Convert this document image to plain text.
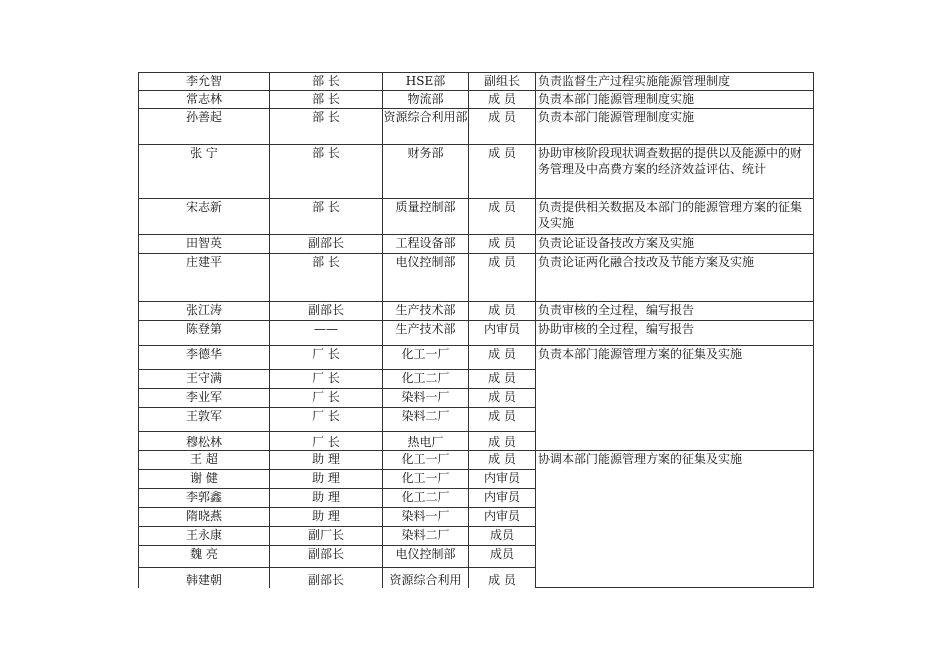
李允智	部 长	HSE部	副组长	负责监督生产过程实施能源管理制度
常志林	部 长	物流部	成 员	负责本部门能源管理制度实施
孙善起	部 长	资源综合利用部	成 员	负责本部门能源管理制度实施
张 宁	部 长	财务部	成 员	协助审核阶段现状调查数据的提供以及能源中的财务管理及中高费方案的经济效益评估、统计
宋志新	部 长	质量控制部	成 员	负责提供相关数据及本部门的能源管理方案的征集及实施
田智英	副部长	工程设备部	成 员	负责论证设备技改方案及实施
庄建平	部 长	电仪控制部	成 员	负责论证两化融合技改及节能方案及实施
张江涛	副部长	生产技术部	成 员	负责审核的全过程，编写报告
陈登第	——	生产技术部	内审员	协助审核的全过程，编写报告
李德华	厂 长	化工一厂	成 员	负责本部门能源管理方案的征集及实施
王守满	厂 长	化工二厂	成 员	
李业军	厂 长	染料一厂	成 员	
王敦军	厂 长	染料二厂	成 员	
穆松林	厂 长	热电厂	成 员	
王 超	助 理	化工一厂	成 员	协调本部门能源管理方案的征集及实施
谢 健	助 理	化工一厂	内审员	
李郭鑫	助 理	化工二厂	内审员	
隋晓燕	助 理	染料一厂	内审员	
王永康	副厂长	染料二厂	成员	
魏 亮	副部长	电仪控制部	成员	
韩建朝	副部长	资源综合利用	成 员	
